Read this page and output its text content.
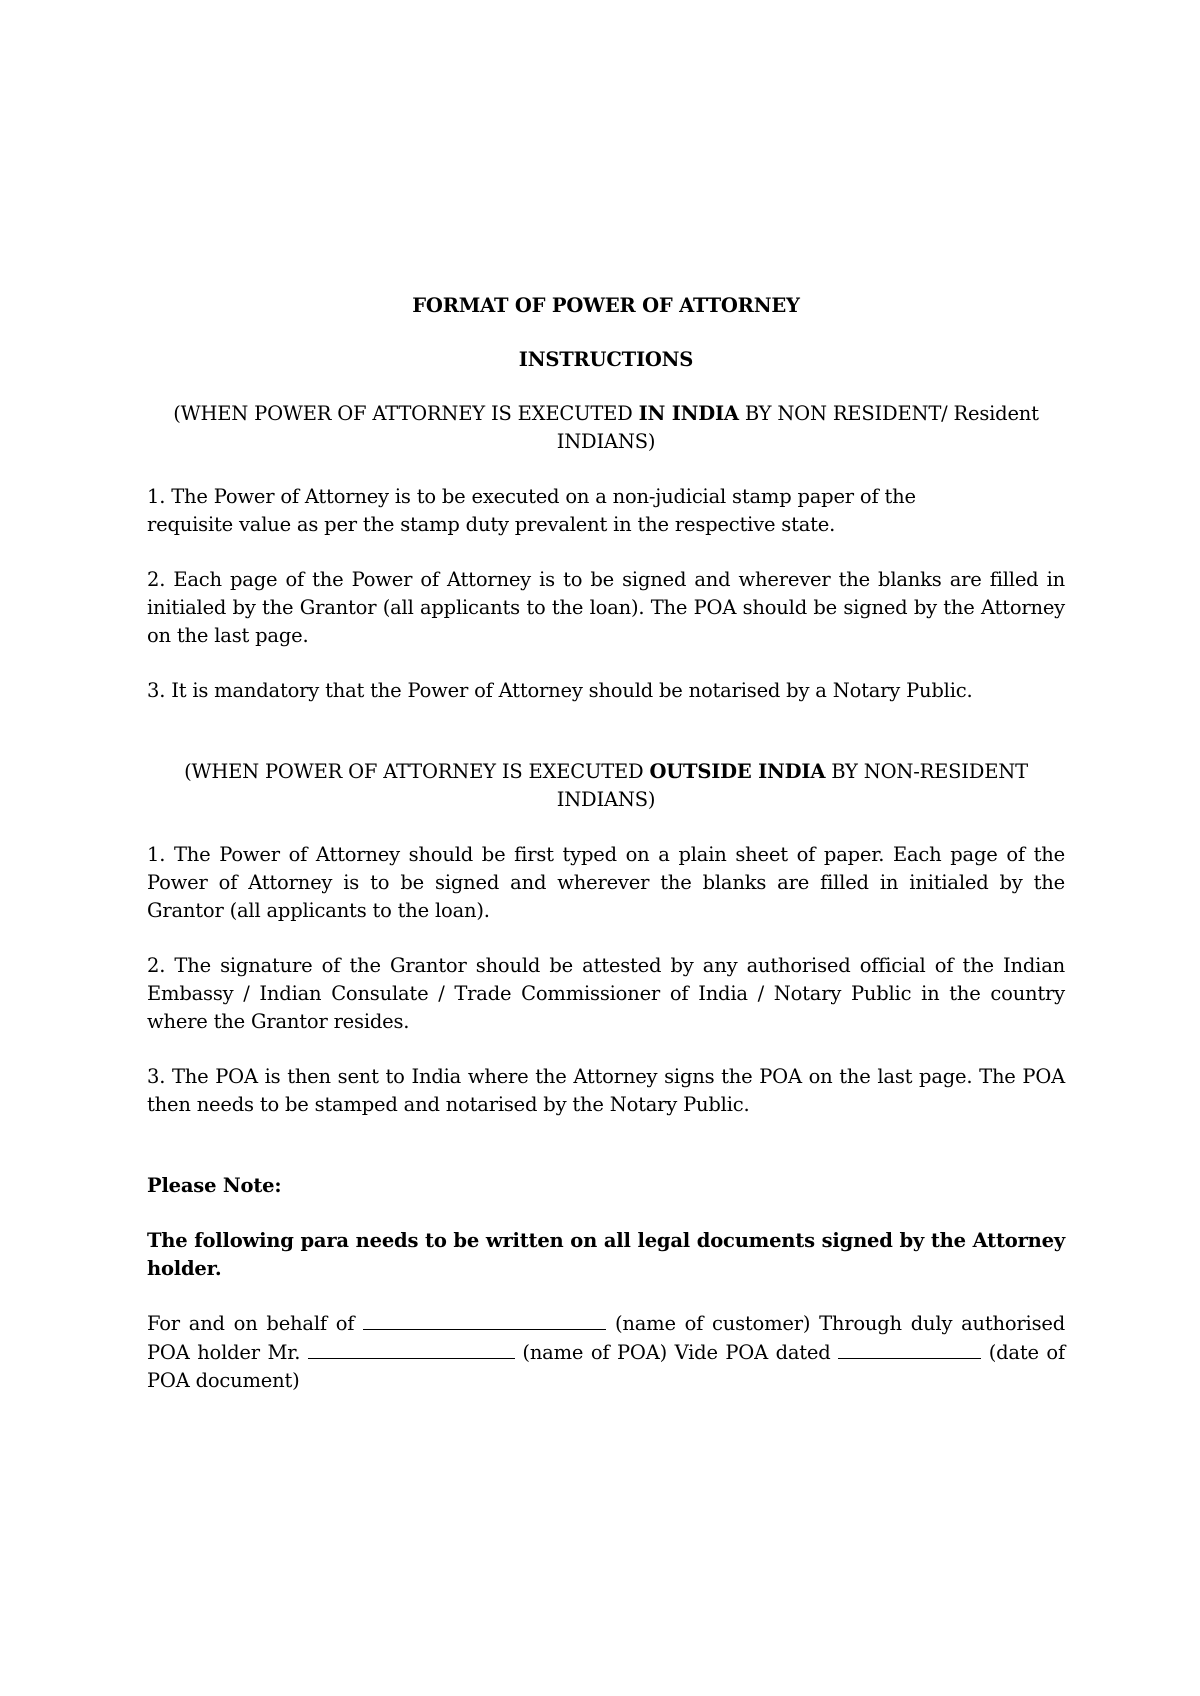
FORMAT OF POWER OF ATTORNEY

INSTRUCTIONS

(WHEN POWER OF ATTORNEY IS EXECUTED IN INDIA BY NON RESIDENT/ Resident
INDIANS)

1. The Power of Attorney is to be executed on a non-judicial stamp paper of the
requisite value as per the stamp duty prevalent in the respective state.

2. Each page of the Power of Attorney is to be signed and wherever the blanks are filled in initialed by the Grantor (all applicants to the loan). The POA should be signed by the Attorney on the last page.

3. It is mandatory that the Power of Attorney should be notarised by a Notary Public.

(WHEN POWER OF ATTORNEY IS EXECUTED OUTSIDE INDIA BY NON-RESIDENT
INDIANS)

1. The Power of Attorney should be first typed on a plain sheet of paper. Each page of the Power of Attorney is to be signed and wherever the blanks are filled in initialed by the Grantor (all applicants to the loan).

2. The signature of the Grantor should be attested by any authorised official of the Indian Embassy / Indian Consulate / Trade Commissioner of India / Notary Public in the country where the Grantor resides.

3. The POA is then sent to India where the Attorney signs the POA on the last page. The POA then needs to be stamped and notarised by the Notary Public.

Please Note:

The following para needs to be written on all legal documents signed by the Attorney holder.

For and on behalf of	(name of customer) Through duly authorised POA holder Mr.	(name of POA) Vide POA dated	(date of POA document)
